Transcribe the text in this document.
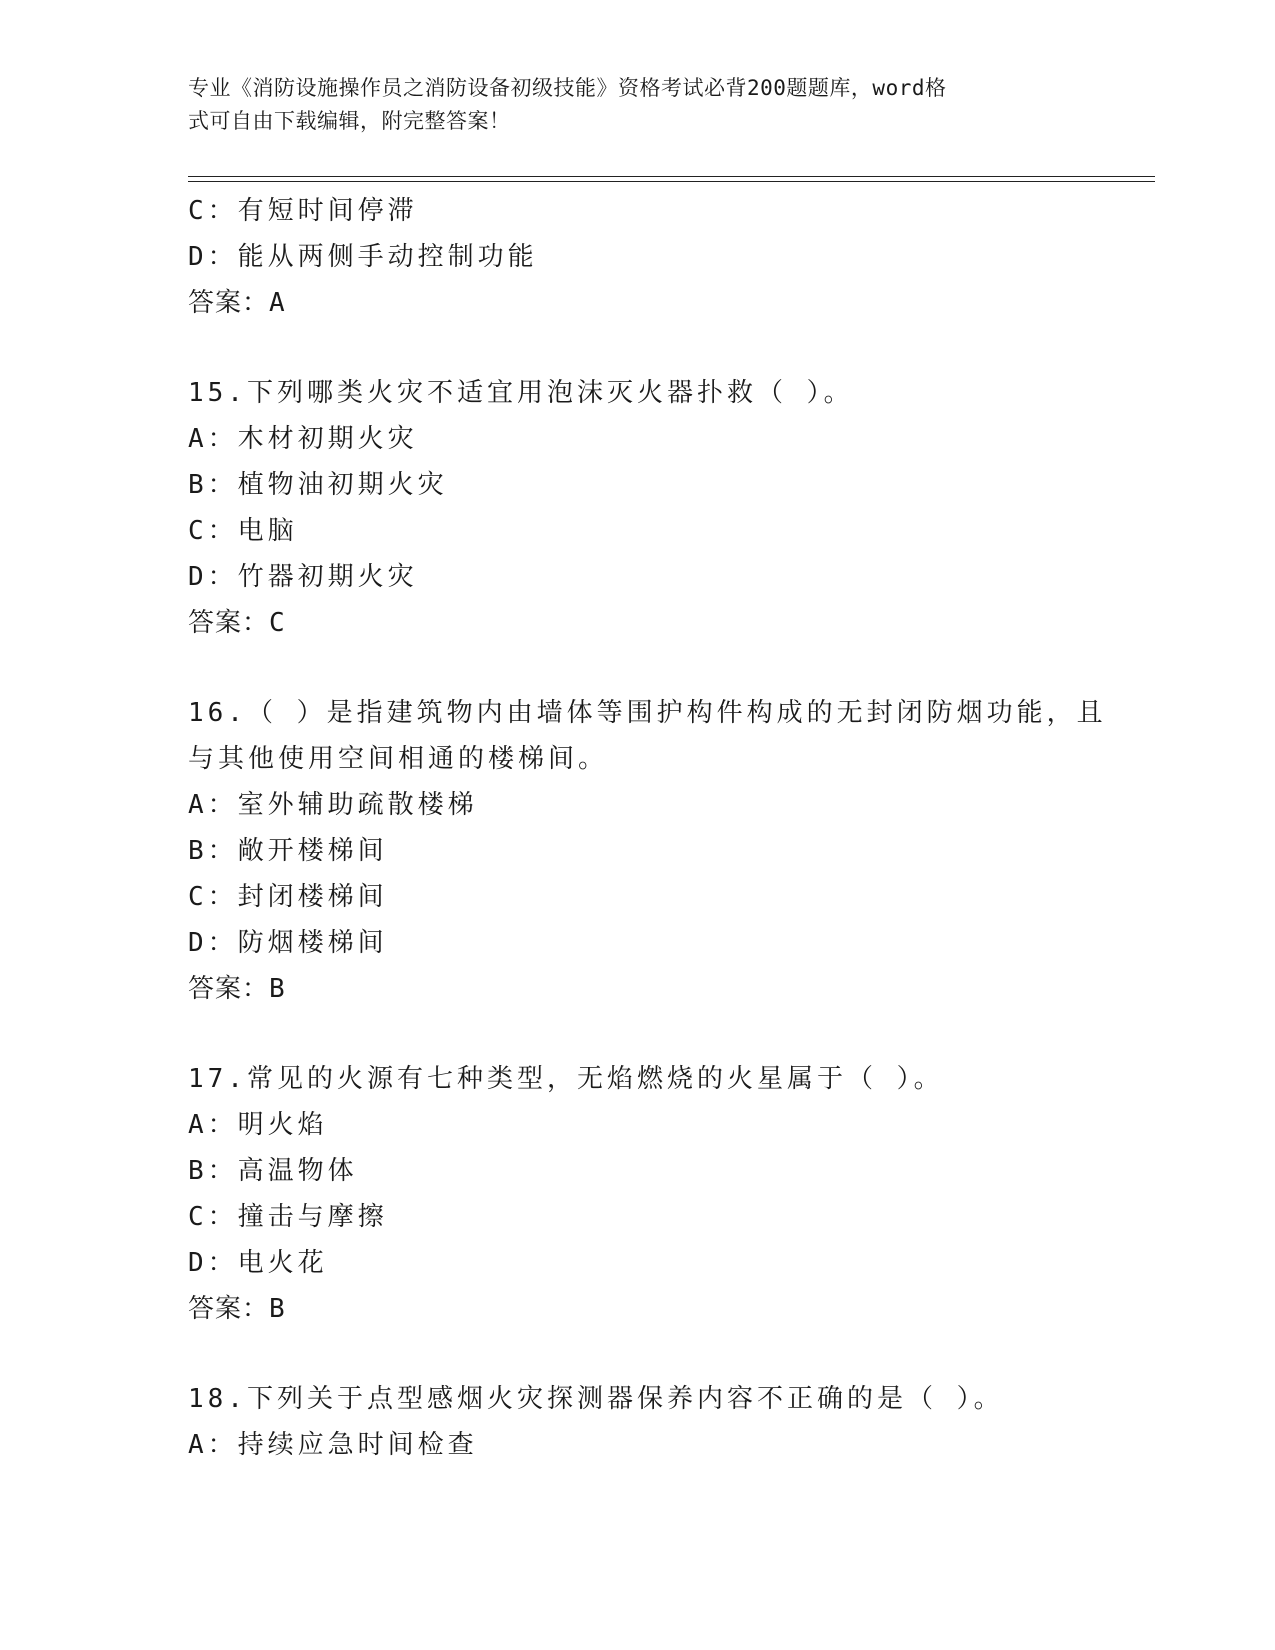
专业《消防设施操作员之消防设备初级技能》资格考试必背200题题库，word格
式可自由下载编辑，附完整答案！
C：有短时间停滞
D：能从两侧手动控制功能
答案：A
15.下列哪类火灾不适宜用泡沫灭火器扑救（ ）。
A：木材初期火灾
B：植物油初期火灾
C：电脑
D：竹器初期火灾
答案：C
16.（ ）是指建筑物内由墙体等围护构件构成的无封闭防烟功能，且
与其他使用空间相通的楼梯间。
A：室外辅助疏散楼梯
B：敞开楼梯间
C：封闭楼梯间
D：防烟楼梯间
答案：B
17.常见的火源有七种类型，无焰燃烧的火星属于（ ）。
A：明火焰
B：高温物体
C：撞击与摩擦
D：电火花
答案：B
18.下列关于点型感烟火灾探测器保养内容不正确的是（ ）。
A：持续应急时间检查
